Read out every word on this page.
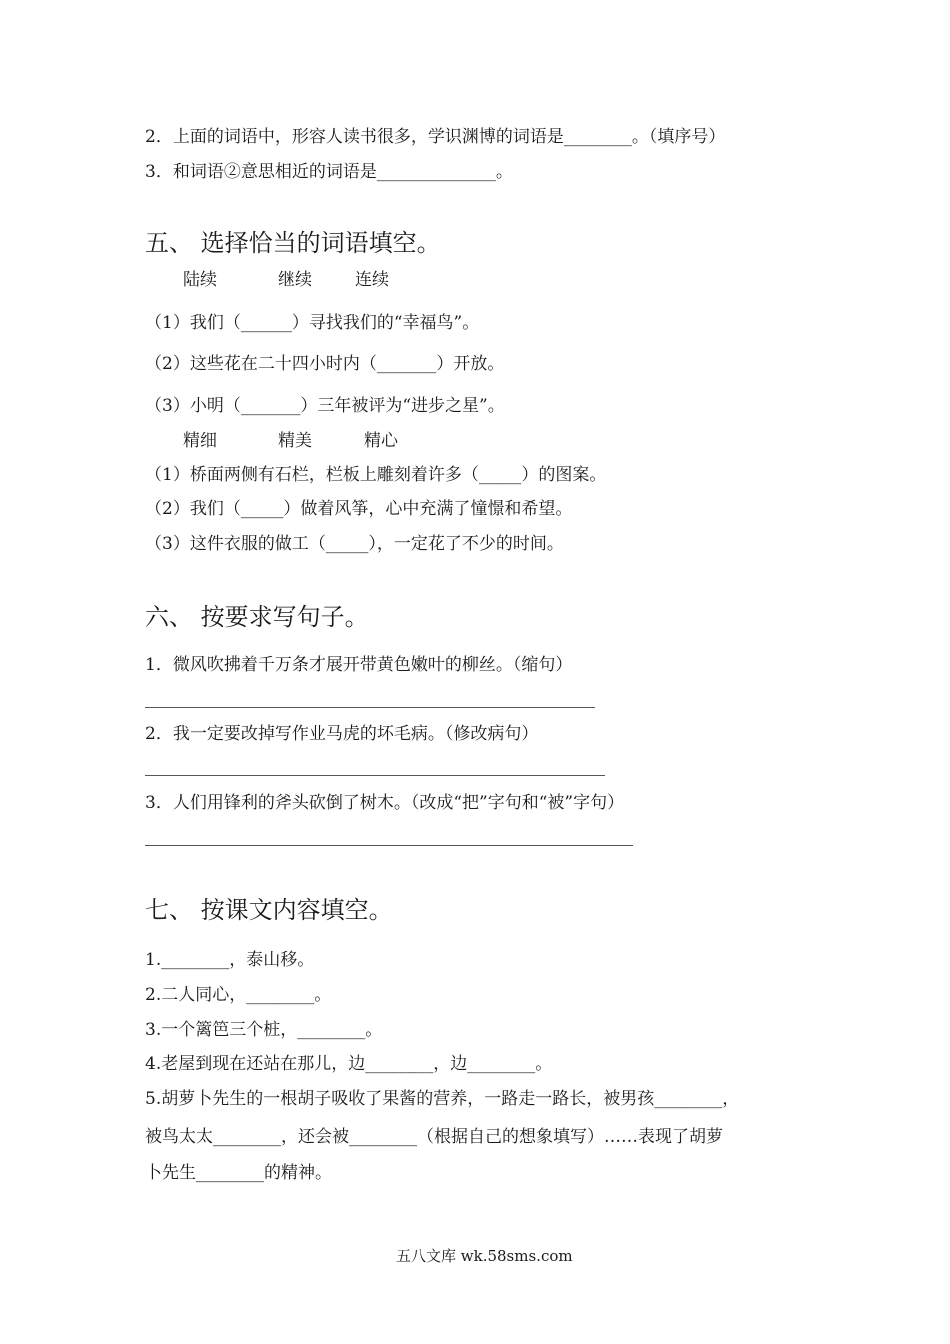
2．上面的词语中，形容人读书很多，学识渊博的词语是________。（填序号）
3．和词语②意思相近的词语是______________。
五、 选择恰当的词语填空。
陆续	继续	连续
（1）我们（______）寻找我们的“幸福鸟”。
（2）这些花在二十四小时内（_______）开放。
（3）小明（_______）三年被评为“进步之星”。
精细	精美	精心
（1）桥面两侧有石栏，栏板上雕刻着许多（_____）的图案。
（2）我们（_____）做着风筝，心中充满了憧憬和希望。
（3）这件衣服的做工（_____），一定花了不少的时间。
六、 按要求写句子。
1．微风吹拂着千万条才展开带黄色嫩叶的柳丝。（缩句）
2．我一定要改掉写作业马虎的坏毛病。（修改病句）
3．人们用锋利的斧头砍倒了树木。（改成“把”字句和“被”字句）
七、 按课文内容填空。
1.________，泰山移。
2.二人同心，________。
3.一个篱笆三个桩，________。
4.老屋到现在还站在那儿，边________，边________。
5.胡萝卜先生的一根胡子吸收了果酱的营养，一路走一路长，被男孩________，
被鸟太太________，还会被________（根据自己的想象填写）……表现了胡萝
卜先生________的精神。
五八文库 wk.58sms.com
